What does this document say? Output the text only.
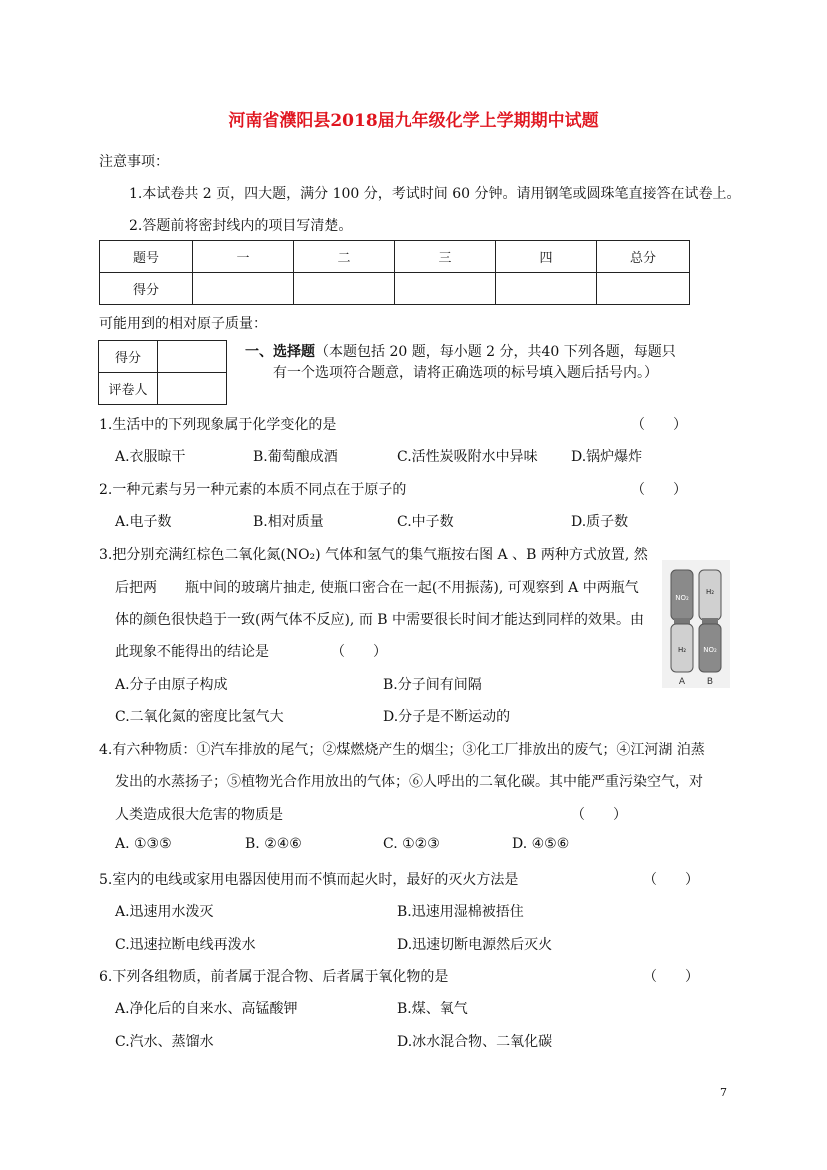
河南省濮阳县2018届九年级化学上学期期中试题
注意事项：
1.本试卷共 2 页，四大题，满分 100 分，考试时间 60 分钟。请用钢笔或圆珠笔直接答在试卷上。
2.答题前将密封线内的项目写清楚。
题号	一	二	三	四	总分
得分					
可能用到的相对原子质量：
得分	
评卷人	
一、选择题（本题包括 20 题，每小题 2 分，共40 下列各题，每题只
有一个选项符合题意，请将正确选项的标号填入题后括号内。）
1.生活中的下列现象属于化学变化的是	（　　）
A.衣服晾干	B.葡萄酿成酒	C.活性炭吸附水中异味 D.锅炉爆炸
2.一种元素与另一种元素的本质不同点在于原子的	（　　）
A.电子数	B.相对质量	C.中子数	D.质子数
3.把分别充满红棕色二氧化氮(NO₂) 气体和氢气的集气瓶按右图 A 、B 两种方式放置, 然
后把两　　瓶中间的玻璃片抽走, 使瓶口密合在一起(不用振荡), 可观察到 A 中两瓶气
体的颜色很快趋于一致(两气体不反应), 而 B 中需要很长时间才能达到同样的效果。由
此现象不能得出的结论是	（　　）
A.分子由原子构成	B.分子间有间隔
C.二氧化氮的密度比氢气大	D.分子是不断运动的
NO₂
H₂
H₂
NO₂
A B
4.有六种物质：①汽车排放的尾气；②煤燃烧产生的烟尘；③化工厂排放出的废气；④江河湖 泊蒸
发出的水蒸扬子；⑤植物光合作用放出的气体；⑥人呼出的二氧化碳。其中能严重污染空气，对
人类造成很大危害的物质是	（　　）
A. ①③⑤	B. ②④⑥	C. ①②③	D. ④⑤⑥
5.室内的电线或家用电器因使用而不慎而起火时，最好的灭火方法是	（　　）
A.迅速用水泼灭	B.迅速用湿棉被捂住
C.迅速拉断电线再泼水	D.迅速切断电源然后灭火
6.下列各组物质，前者属于混合物、后者属于氧化物的是	（　　）
A.净化后的自来水、高锰酸钾	B.煤、氧气
C.汽水、蒸馏水	D.冰水混合物、二氧化碳
7
